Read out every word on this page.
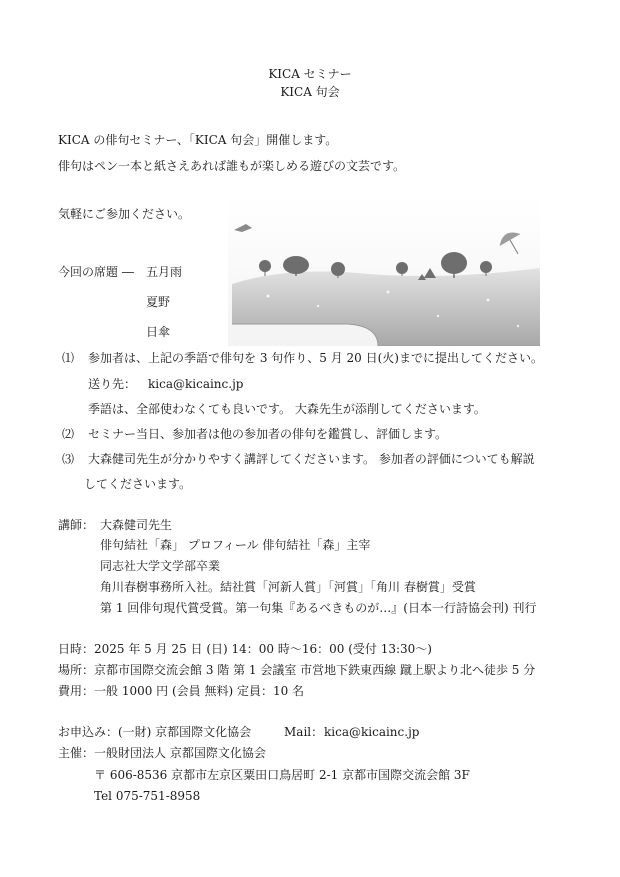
KICA セミナー
KICA 句会
KICA の俳句セミナー、「KICA 句会」開催します。
俳句はペン一本と紙さえあれば誰もが楽しめる遊びの文芸です。
気軽にご参加ください。
今回の席題 ― 五月雨
夏野
日傘
⑴ 参加者は、上記の季語で俳句を 3 句作り、5 月 20 日(火)までに提出してください。
送り先： kica@kicainc.jp
季語は、全部使わなくても良いです。 大森先生が添削してくださいます。
⑵ セミナー当日、参加者は他の参加者の俳句を鑑賞し、評価します。
⑶ 大森健司先生が分かりやすく講評してくださいます。 参加者の評価についても解説
してくださいます。
講師： 大森健司先生
俳句結社「森」 プロフィール 俳句結社「森」主宰
同志社大学文学部卒業
角川春樹事務所入社。結社賞「河新人賞」「河賞」「角川 春樹賞」受賞
第 1 回俳句現代賞受賞。第一句集『あるべきものが…』(日本一行詩協会刊) 刊行
日時：2025 年 5 月 25 日 (日) 14：00 時〜16：00 (受付 13:30〜)
場所：京都市国際交流会館 3 階 第 1 会議室 市営地下鉄東西線 蹴上駅より北へ徒歩 5 分
費用：一般 1000 円 (会員 無料) 定員：10 名
お申込み：(一財) 京都国際文化協会	Mail： kica@kicainc.jp
主催：一般財団法人 京都国際文化協会
〒 606-8536 京都市左京区粟田口鳥居町 2-1 京都市国際交流会館 3F
Tel 075-751-8958
